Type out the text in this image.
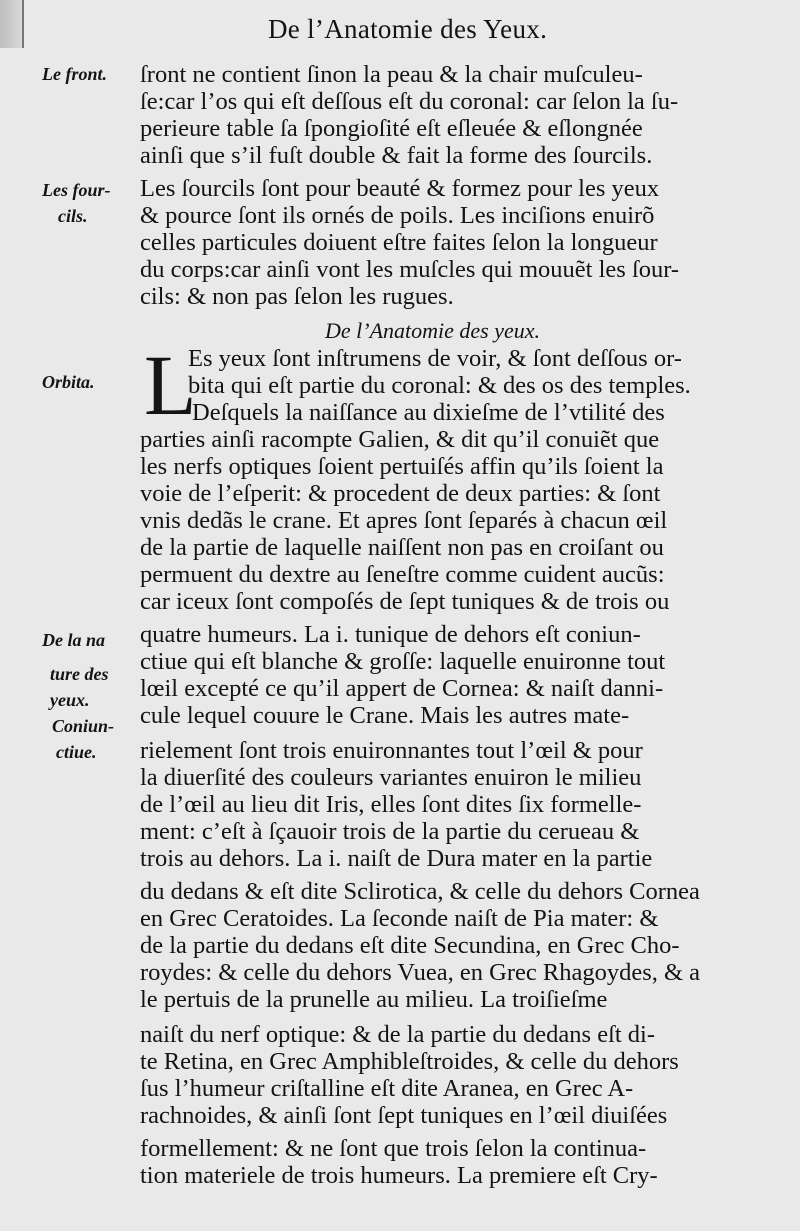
De l’Anatomie des Yeux.
Le front.
Les four-
cils.
Orbita.
De la na
ture des
yeux.
Coniun-
ctiue.
ſront ne contient ſinon la peau & la chair muſculeu-
ſe:car l’os qui eſt deſſous eſt du coronal: car ſelon la ſu-
perieure table ſa ſpongioſité eſt eſleuée & eſlongnée
ainſi que s’il fuſt double & fait la forme des ſourcils.
Les ſourcils ſont pour beauté & formez pour les yeux
& pource ſont ils ornés de poils. Les inciſions enuirõ
celles particules doiuent eſtre faites ſelon la longueur
du corps:car ainſi vont les muſcles qui mouuẽt les ſour-
cils: & non pas ſelon les rugues.
De l’Anatomie des yeux.
L
Es yeux ſont inſtrumens de voir, & ſont deſſous or-
bita qui eſt partie du coronal: & des os des temples.
Deſquels la naiſſance au dixieſme de l’vtilité des
parties ainſi racompte Galien, & dit qu’il conuiẽt que
les nerfs optiques ſoient pertuiſés affin qu’ils ſoient la
voie de l’eſperit: & procedent de deux parties: & ſont
vnis dedãs le crane. Et apres ſont ſeparés à chacun œil
de la partie de laquelle naiſſent non pas en croiſant ou
permuent du dextre au ſeneſtre comme cuident aucũs:
car iceux ſont compoſés de ſept tuniques & de trois ou
quatre humeurs. La i. tunique de dehors eſt coniun-
ctiue qui eſt blanche & groſſe: laquelle enuironne tout
lœil excepté ce qu’il appert de Cornea: & naiſt danni-
cule lequel couure le Crane. Mais les autres mate-
rielement ſont trois enuironnantes tout l’œil & pour
la diuerſité des couleurs variantes enuiron le milieu
de l’œil au lieu dit Iris, elles ſont dites ſix formelle-
ment: c’eſt à ſçauoir trois de la partie du cerueau &
trois au dehors. La i. naiſt de Dura mater en la partie
du dedans & eſt dite Sclirotica, & celle du dehors Cornea
en Grec Ceratoides. La ſeconde naiſt de Pia mater: &
de la partie du dedans eſt dite Secundina, en Grec Cho-
roydes: & celle du dehors Vuea, en Grec Rhagoydes, & a
le pertuis de la prunelle au milieu. La troiſieſme
naiſt du nerf optique: & de la partie du dedans eſt di-
te Retina, en Grec Amphibleſtroides, & celle du dehors
ſus l’humeur criſtalline eſt dite Aranea, en Grec A-
rachnoides, & ainſi ſont ſept tuniques en l’œil diuiſées
formellement: & ne ſont que trois ſelon la continua-
tion materiele de trois humeurs. La premiere eſt Cry-
